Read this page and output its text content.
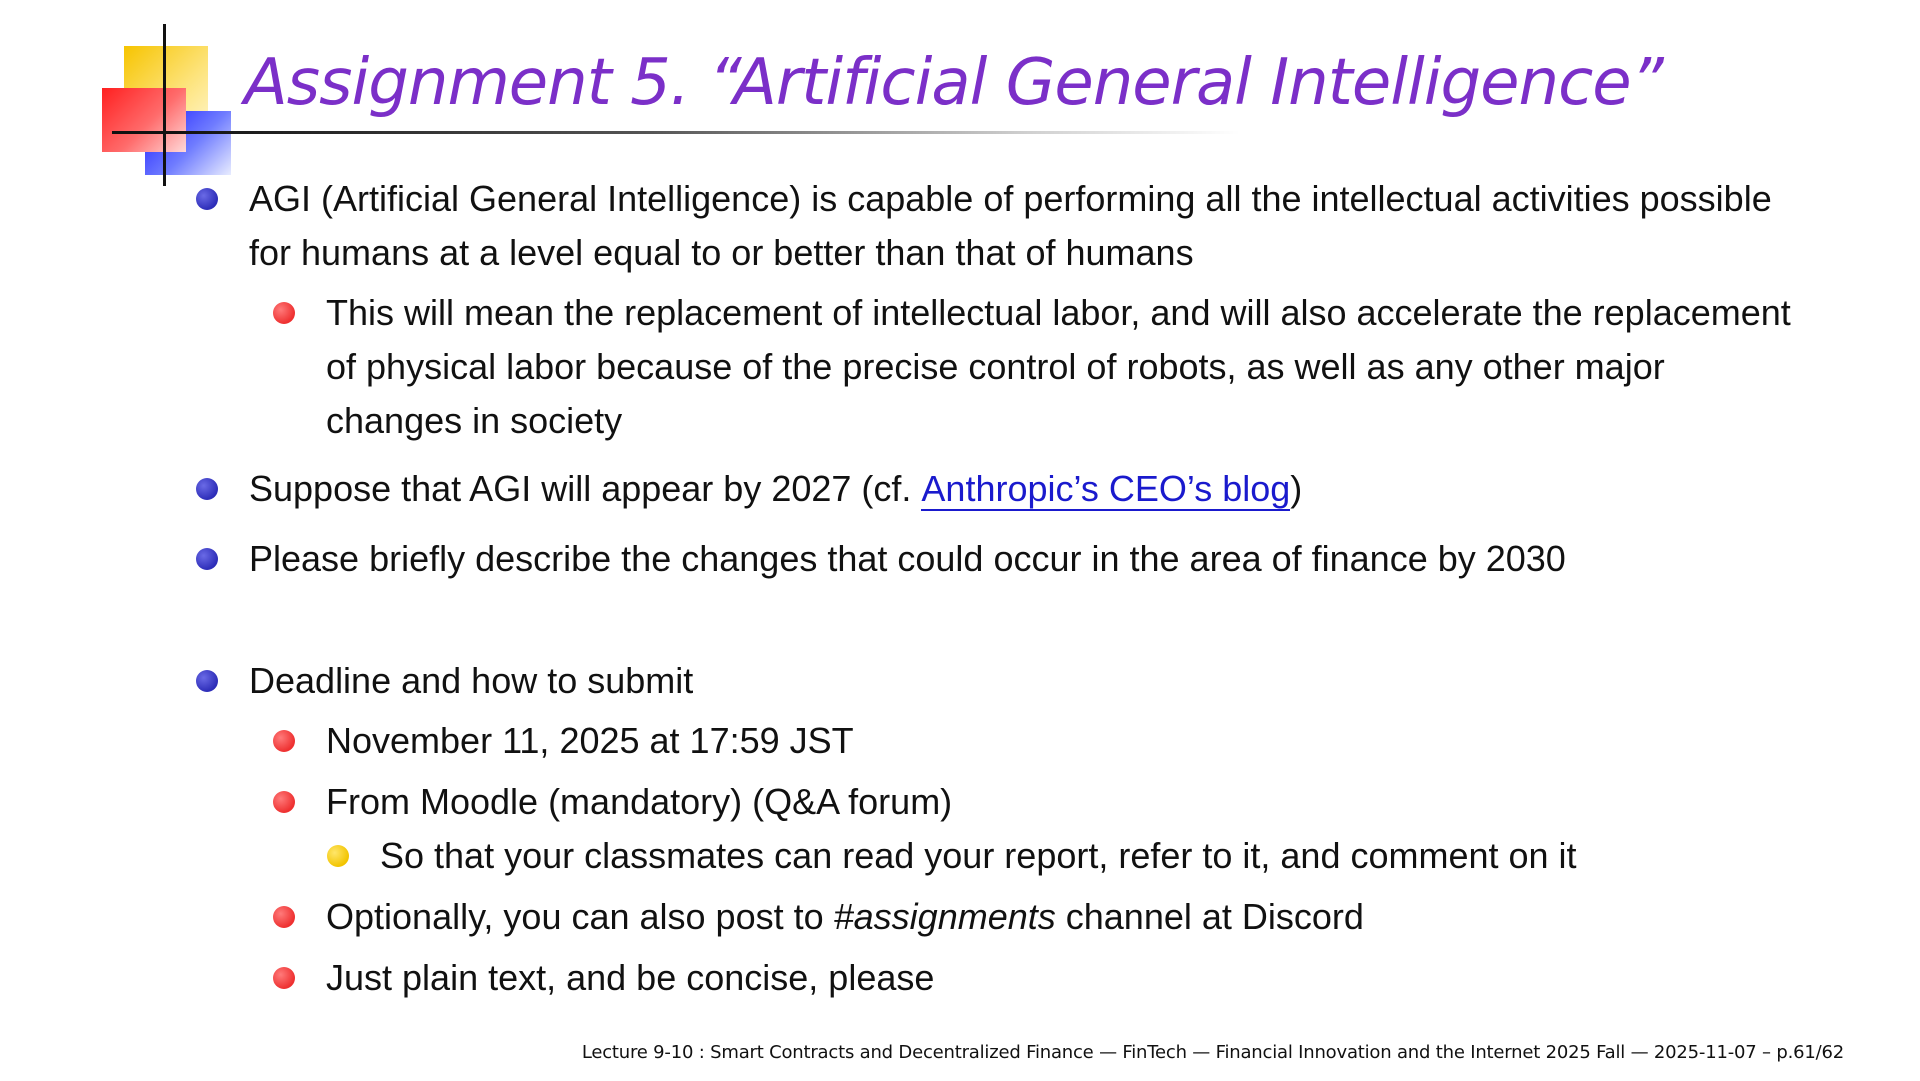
Assignment 5. “Artificial General Intelligence”
AGI (Artificial General Intelligence) is capable of performing all the intellectual activities possible
for humans at a level equal to or better than that of humans
This will mean the replacement of intellectual labor, and will also accelerate the replacement
of physical labor because of the precise control of robots, as well as any other major
changes in society
Suppose that AGI will appear by 2027 (cf. Anthropic’s CEO’s blog)
Please briefly describe the changes that could occur in the area of finance by 2030
Deadline and how to submit
November 11, 2025 at 17:59 JST
From Moodle (mandatory) (Q&A forum)
So that your classmates can read your report, refer to it, and comment on it
Optionally, you can also post to #assignments channel at Discord
Just plain text, and be concise, please
Lecture 9-10 : Smart Contracts and Decentralized Finance — FinTech — Financial Innovation and the Internet 2025 Fall — 2025-11-07 – p.61/62
